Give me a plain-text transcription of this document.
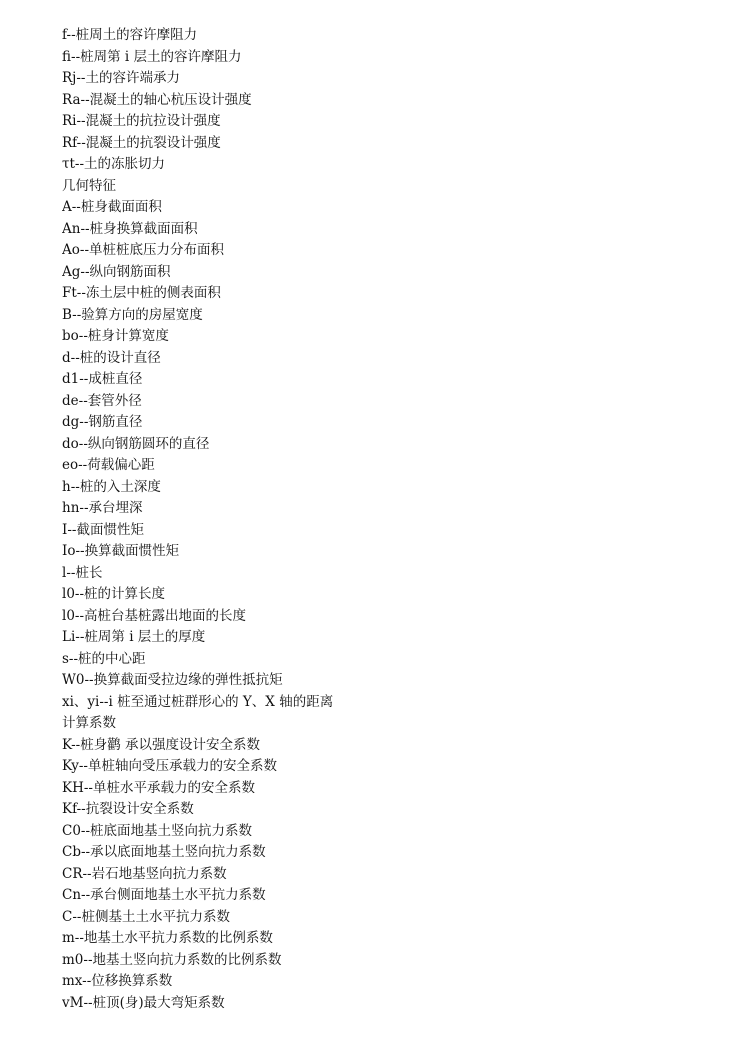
f--桩周土的容许摩阻力
fi--桩周第 i 层土的容许摩阻力
Rj--土的容许端承力
Ra--混凝土的轴心杭压设计强度
Ri--混凝土的抗拉设计强度
Rf--混凝土的抗裂设计强度
τt--土的冻胀切力
几何特征
A--桩身截面面积
An--桩身换算截面面积
Ao--单桩桩底压力分布面积
Ag--纵向钢筋面积
Ft--冻土层中桩的侧表面积
B--验算方向的房屋宽度
bo--桩身计算宽度
d--桩的设计直径
d1--成桩直径
de--套管外径
dg--钢筋直径
do--纵向钢筋圆环的直径
eo--荷载偏心距
h--桩的入土深度
hn--承台埋深
I--截面惯性矩
Io--换算截面惯性矩
l--桩长
l0--桩的计算长度
l0--高桩台基桩露出地面的长度
Li--桩周第 i 层土的厚度
s--桩的中心距
W0--换算截面受拉边缘的弹性抵抗矩
xi、yi--i 桩至通过桩群形心的 Y、X 轴的距离
计算系数
K--桩身鹳 承以强度设计安全系数
Ky--单桩轴向受压承载力的安全系数
KH--单桩水平承载力的安全系数
Kf--抗裂设计安全系数
C0--桩底面地基土竖向抗力系数
Cb--承以底面地基土竖向抗力系数
CR--岩石地基竖向抗力系数
Cn--承台侧面地基土水平抗力系数
C--桩侧基土土水平抗力系数
m--地基土水平抗力系数的比例系数
m0--地基土竖向抗力系数的比例系数
mx--位移换算系数
vM--桩顶(身)最大弯矩系数
